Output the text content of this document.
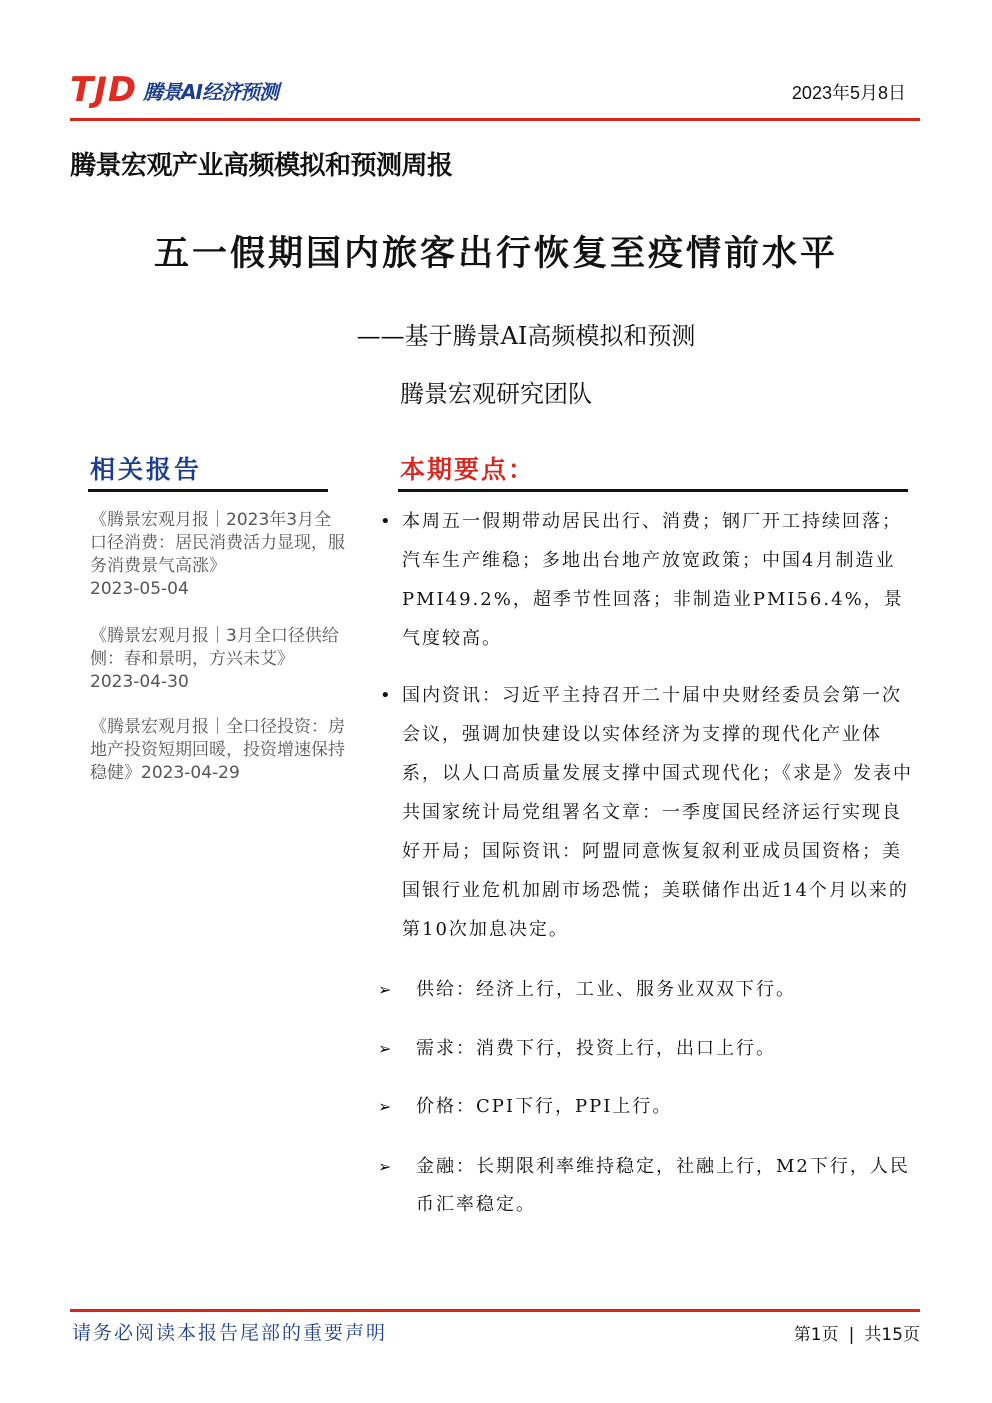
TJD 腾景AI经济预测	2023年5月8日
腾景宏观产业高频模拟和预测周报
五一假期国内旅客出行恢复至疫情前水平
——基于腾景AI高频模拟和预测
腾景宏观研究团队
相关报告
《腾景宏观月报｜2023年3月全口径消费：居民消费活力显现，服务消费景气高涨》
2023-05-04
《腾景宏观月报｜3月全口径供给侧：春和景明，方兴未艾》
2023-04-30
《腾景宏观月报｜全口径投资：房地产投资短期回暖，投资增速保持稳健》2023-04-29
本期要点：
• 本周五一假期带动居民出行、消费；钢厂开工持续回落；汽车生产维稳；多地出台地产放宽政策；中国4月制造业PMI49.2%，超季节性回落；非制造业PMI56.4%，景气度较高。
• 国内资讯：习近平主持召开二十届中央财经委员会第一次会议，强调加快建设以实体经济为支撑的现代化产业体系，以人口高质量发展支撑中国式现代化；《求是》发表中共国家统计局党组署名文章：一季度国民经济运行实现良好开局；国际资讯：阿盟同意恢复叙利亚成员国资格；美国银行业危机加剧市场恐慌；美联储作出近14个月以来的第10次加息决定。
➢	供给：经济上行，工业、服务业双双下行。
➢	需求：消费下行，投资上行，出口上行。
➢	价格：CPI下行，PPI上行。
➢	金融：长期限利率维持稳定，社融上行，M2下行，人民币汇率稳定。
请务必阅读本报告尾部的重要声明	第1页 | 共15页
